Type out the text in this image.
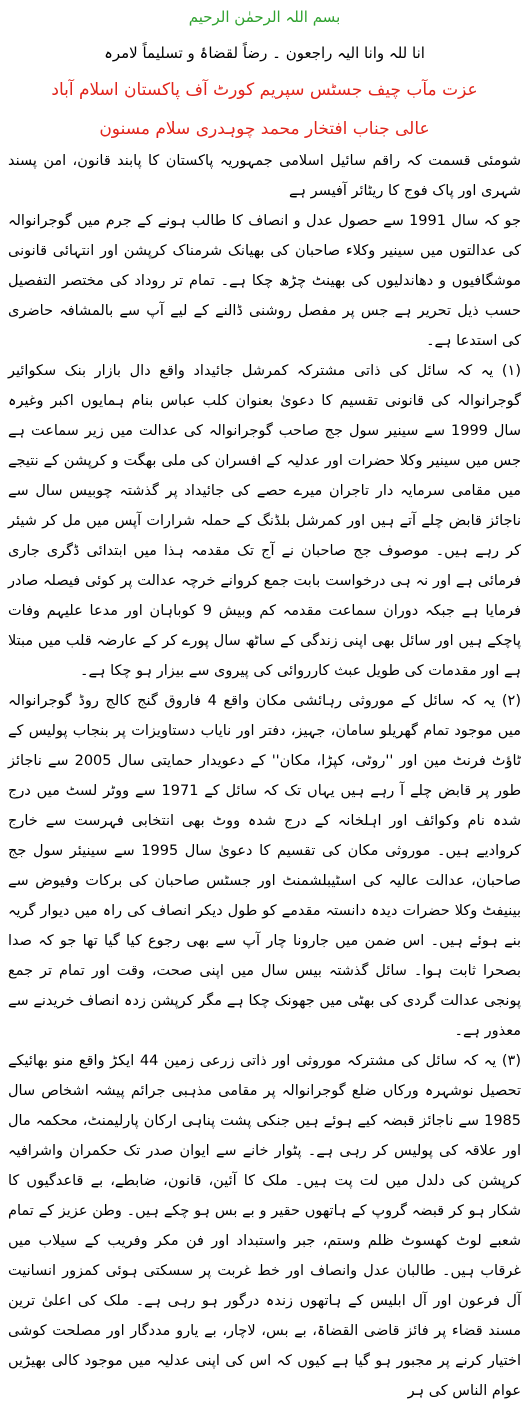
بسم اللہ الرحمٰن الرحیم
انا للہ وانا الیہ راجعون ۔ رضاً لقضاۂ و تسلیماً لامرہ
عزت مآب چیف جسٹس سپریم کورٹ آف پاکستان اسلام آباد
عالی جناب افتخار محمد چوہدری سلام مسنون

شومئی قسمت کہ راقم سائیل اسلامی جمہوریہ پاکستان کا پابند قانون، امن پسند شہری اور پاک فوج کا ریٹائر آفیسر ہے

جو کہ سال 1991 سے حصول عدل و انصاف کا طالب ہونے کے جرم میں گوجرانوالہ کی عدالتوں میں سینیر وکلاء صاحبان کی بھیانک شرمناک کرپشن اور انتہائی قانونی موشگافیوں و دھاندلیوں کی بھینٹ چڑھ چکا ہے۔ تمام تر روداد کی مختصر التفصیل حسب ذیل تحریر ہے جس پر مفصل روشنی ڈالنے کے لیے آپ سے بالمشافہ حاضری کی استدعا ہے۔

(۱) یہ کہ سائل کی ذاتی مشترکہ کمرشل جائیداد واقع دال بازار بنک سکوائیر گوجرانوالہ کی قانونی تقسیم کا دعویٰ بعنوان کلب عباس بنام ہمایوں اکبر وغیرہ سال 1999 سے سینیر سول جج صاحب گوجرانوالہ کی عدالت میں زیر سماعت ہے جس میں سینیر وکلا حضرات اور عدلیہ کے افسران کی ملی بھگت و کرپشن کے نتیجے میں مقامی سرمایہ دار تاجران میرے حصے کی جائیداد پر گذشتہ چوبیس سال سے ناجائز قابض چلے آتے ہیں اور کمرشل بلڈنگ کے حملہ شرارات آپس میں مل کر شیئر کر رہے ہیں۔ موصوف جج صاحبان نے آج تک مقدمہ ہذا میں ابتدائی ڈگری جاری فرمائی ہے اور نہ ہی درخواست بابت جمع کروانے خرچہ عدالت پر کوئی فیصلہ صادر فرمایا ہے جبکہ دوران سماعت مقدمہ کم وبیش 9 کوباہان اور مدعا علیہم وفات پاچکے ہیں اور سائل بھی اپنی زندگی کے ساٹھ سال پورے کر کے عارضہ قلب میں مبتلا ہے اور مقدمات کی طویل عبث کارروائی کی پیروی سے بیزار ہو چکا ہے۔

(۲) یہ کہ سائل کے موروثی رہائشی مکان واقع 4 فاروق گنج کالج روڈ گوجرانوالہ میں موجود تمام گھریلو سامان، جہیز، دفتر اور نایاب دستاویزات پر بنجاب پولیس کے ٹاؤٹ فرنٹ مین اور ''روٹی، کپڑا، مکان'' کے دعویدار حمایتی سال 2005 سے ناجائز طور پر قابض چلے آ رہے ہیں یہاں تک کہ سائل کے 1971 سے ووٹر لسٹ میں درج شدہ نام وکوائف اور اہلخانہ کے درج شدہ ووٹ بھی انتخابی فہرست سے خارج کروادیے ہیں۔ موروثی مکان کی تقسیم کا دعویٰ سال 1995 سے سینیئر سول جج صاحبان، عدالت عالیہ کی اسٹیبلشمنٹ اور جسٹس صاحبان کی برکات وفیوض سے بینیفٹ وکلا حضرات دیدہ دانستہ مقدمے کو طول دیکر انصاف کی راہ میں دیوار گریہ بنے ہوئے ہیں۔ اس ضمن میں جارونا چار آپ سے بھی رجوع کیا گیا تھا جو کہ صدا بصحرا ثابت ہوا۔ سائل گذشتہ بیس سال میں اپنی صحت، وقت اور تمام تر جمع پونجی عدالت گردی کی بھٹی میں جھونک چکا ہے مگر کرپشن زدہ انصاف خریدنے سے معذور ہے۔

(۳) یہ کہ سائل کی مشترکہ موروثی اور ذاتی زرعی زمین 44 ایکڑ واقع منو بھائیکے تحصیل نوشہرہ ورکاں ضلع گوجرانوالہ پر مقامی مذہبی جرائم پیشہ اشخاص سال 1985 سے ناجائز قبضہ کیے ہوئے ہیں جنکی پشت پناہی ارکان پارلیمنٹ، محکمہ مال اور علاقہ کی پولیس کر رہی ہے۔ پٹوار خانے سے ایوان صدر تک حکمران واشرافیہ کرپشن کی دلدل میں لت پت ہیں۔ ملک کا آئین، قانون، ضابطے، بے قاعدگیوں کا شکار ہو کر قبضہ گروپ کے ہاتھوں حقیر و بے بس ہو چکے ہیں۔ وطن عزیز کے تمام شعبے لوٹ کھسوٹ ظلم وستم، جبر واستبداد اور فن مکر وفریب کے سیلاب میں غرقاب ہیں۔ طالبان عدل وانصاف اور خط غربت پر سسکتی ہوئی کمزور انسانیت آل فرعون اور آل ابلیس کے ہاتھوں زندہ درگور ہو رہی ہے۔ ملک کی اعلیٰ ترین مسند قضاء پر فائز قاضی القضاۃ، بے بس، لاچار، بے یارو مددگار اور مصلحت کوشی اختیار کرنے پر مجبور ہو گیا ہے کیوں کہ اس کی اپنی عدلیہ میں موجود کالی بھیڑیں عوام الناس کی ہر
